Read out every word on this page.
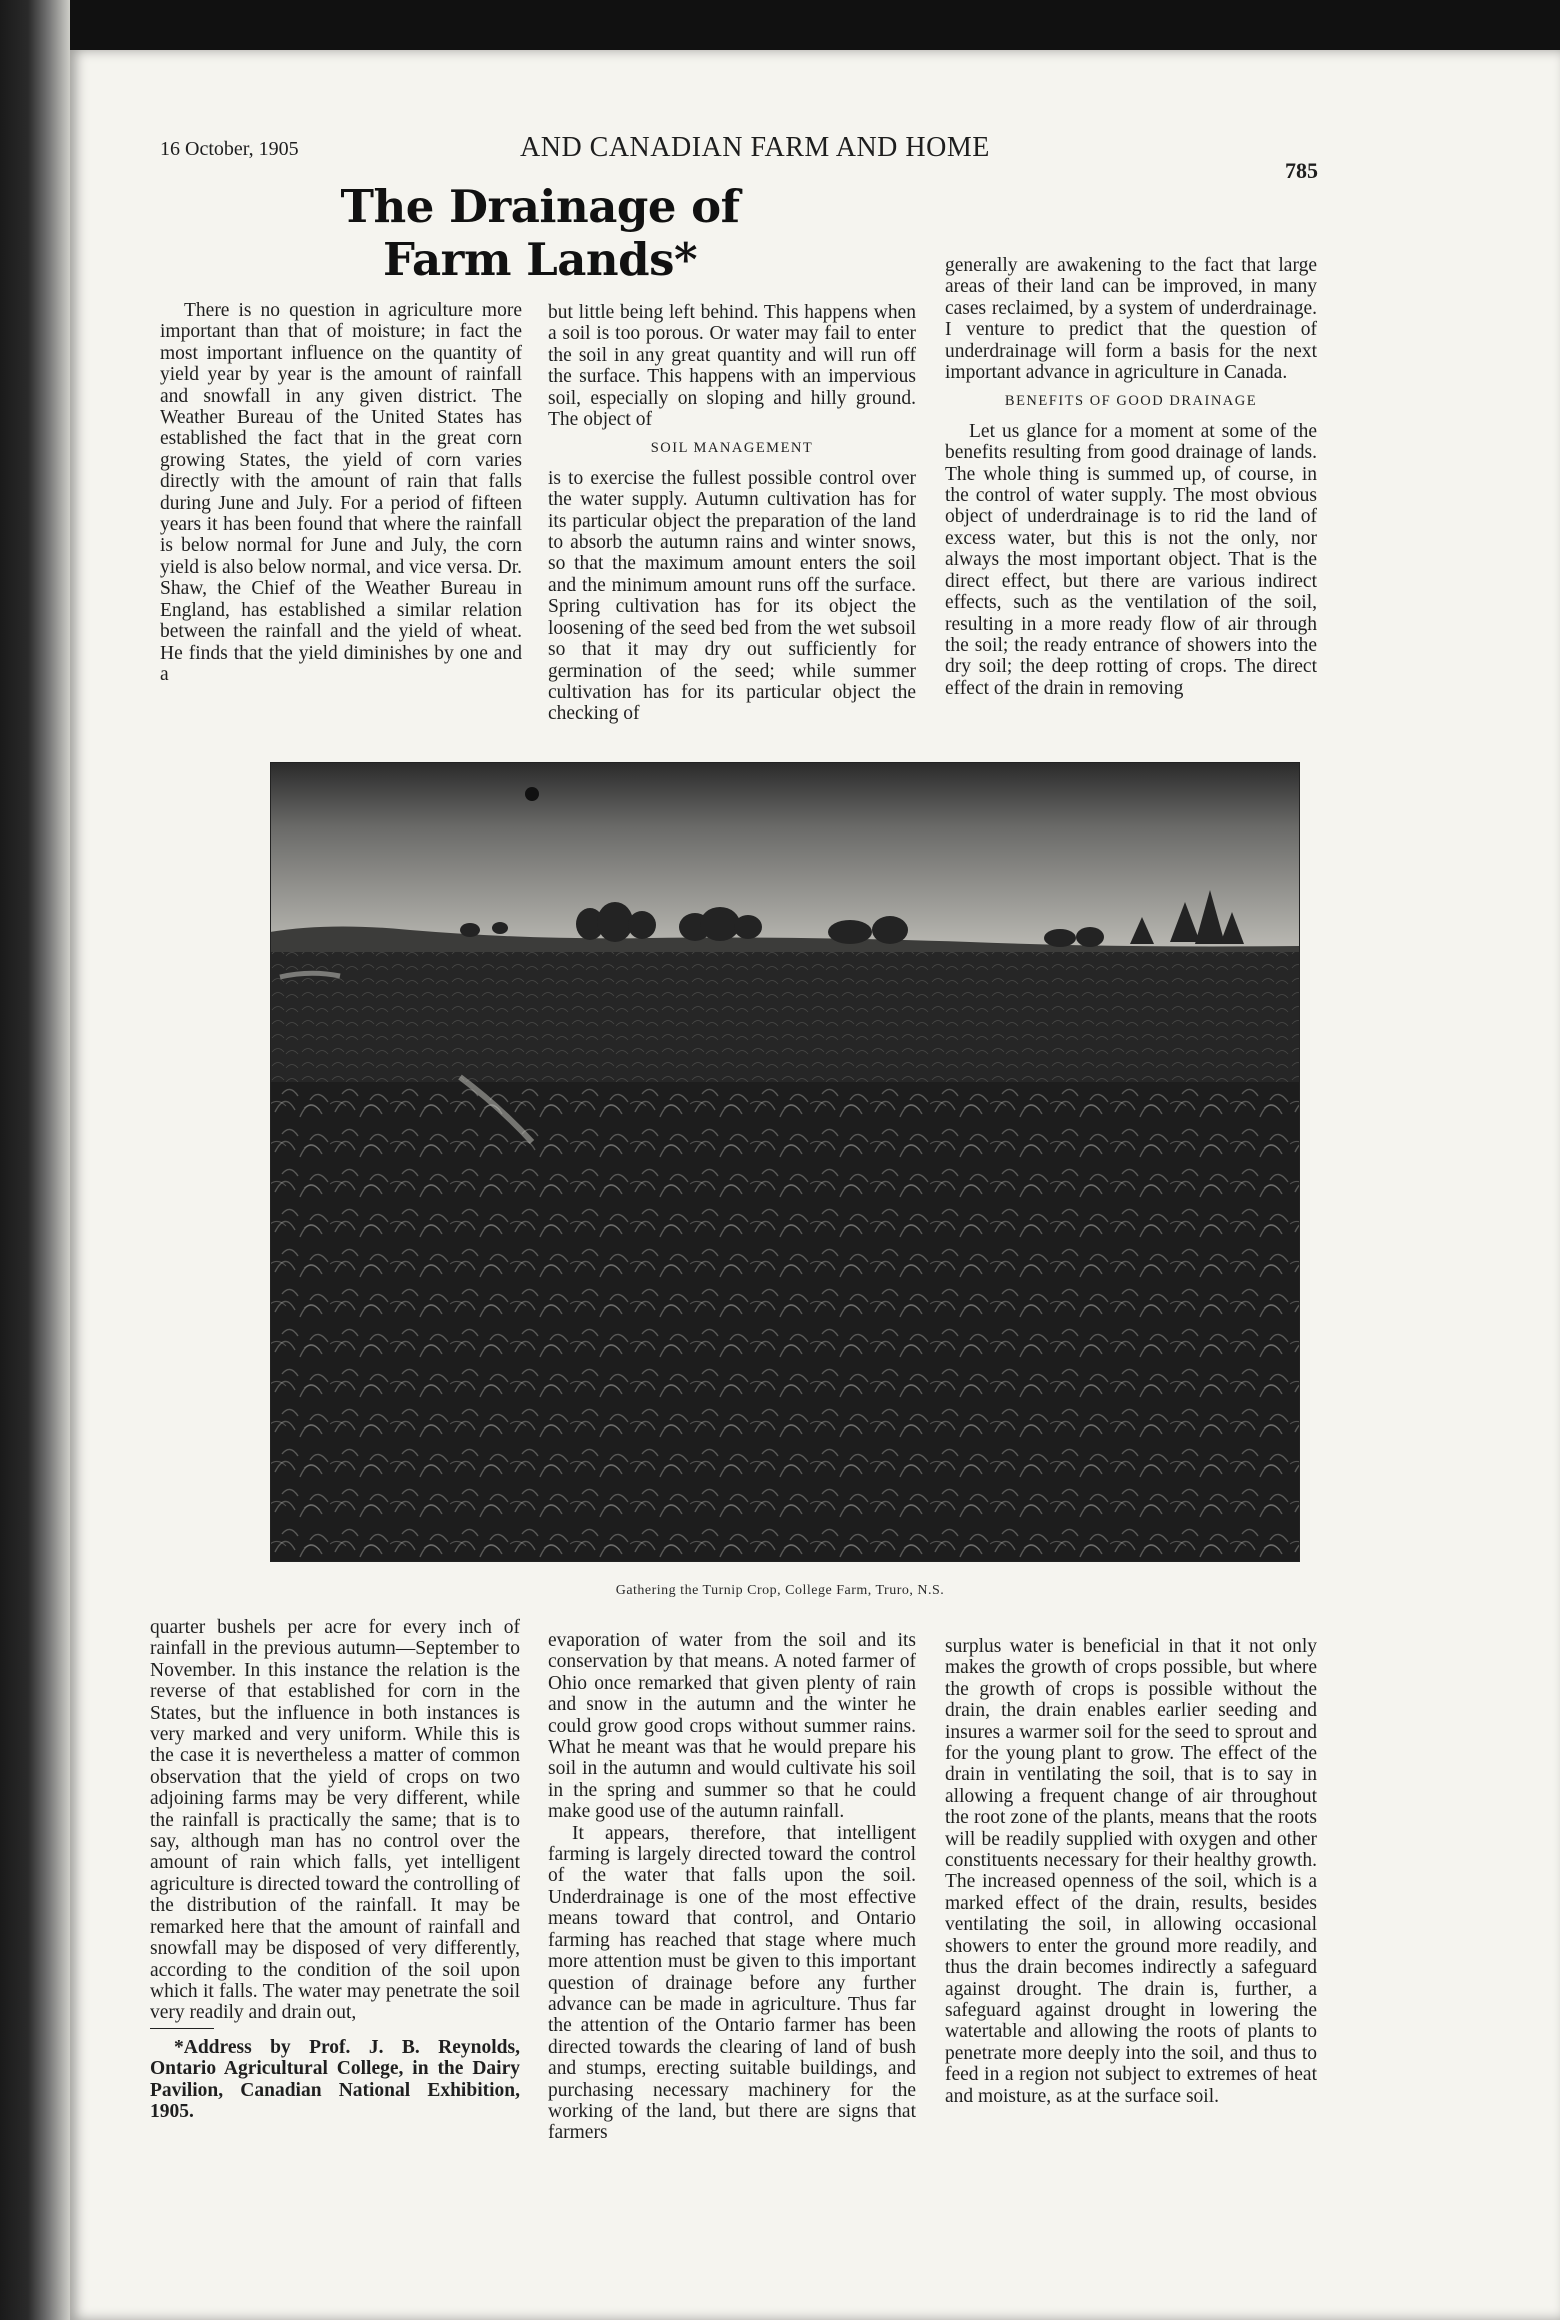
16 October, 1905	AND CANADIAN FARM AND HOME
785
The Drainage of Farm Lands*

There is no question in agriculture more important than that of moisture; in fact the most important influence on the quantity of yield year by year is the amount of rainfall and snowfall in any given district. The Weather Bureau of the United States has established the fact that in the great corn growing States, the yield of corn varies directly with the amount of rain that falls during June and July. For a period of fifteen years it has been found that where the rainfall is below normal for June and July, the corn yield is also below normal, and vice versa. Dr. Shaw, the Chief of the Weather Bureau in England, has established a similar relation between the rainfall and the yield of wheat. He finds that the yield diminishes by one and a

but little being left behind. This happens when a soil is too porous. Or water may fail to enter the soil in any great quantity and will run off the surface. This happens with an impervious soil, especially on sloping and hilly ground. The object of

SOIL MANAGEMENT

is to exercise the fullest possible control over the water supply. Autumn cultivation has for its particular object the preparation of the land to absorb the autumn rains and winter snows, so that the maximum amount enters the soil and the minimum amount runs off the surface. Spring cultivation has for its object the loosening of the seed bed from the wet subsoil so that it may dry out sufficiently for germination of the seed; while summer cultivation has for its particular object the checking of

generally are awakening to the fact that large areas of their land can be improved, in many cases reclaimed, by a system of underdrainage. I venture to predict that the question of underdrainage will form a basis for the next important advance in agriculture in Canada.

BENEFITS OF GOOD DRAINAGE

Let us glance for a moment at some of the benefits resulting from good drainage of lands. The whole thing is summed up, of course, in the control of water supply. The most obvious object of underdrainage is to rid the land of excess water, but this is not the only, nor always the most important object. That is the direct effect, but there are various indirect effects, such as the ventilation of the soil, resulting in a more ready flow of air through the soil; the ready entrance of showers into the dry soil; the deep rotting of crops. The direct effect of the drain in removing

Gathering the Turnip Crop, College Farm, Truro, N.S.

quarter bushels per acre for every inch of rainfall in the previous autumn—September to November. In this instance the relation is the reverse of that established for corn in the States, but the influence in both instances is very marked and very uniform. While this is the case it is nevertheless a matter of common observation that the yield of crops on two adjoining farms may be very different, while the rainfall is practically the same; that is to say, although man has no control over the amount of rain which falls, yet intelligent agriculture is directed toward the controlling of the distribution of the rainfall. It may be remarked here that the amount of rainfall and snowfall may be disposed of very differently, according to the condition of the soil upon which it falls. The water may penetrate the soil very readily and drain out,

*Address by Prof. J. B. Reynolds, Ontario Agricultural College, in the Dairy Pavilion, Canadian National Exhibition, 1905.

evaporation of water from the soil and its conservation by that means. A noted farmer of Ohio once remarked that given plenty of rain and snow in the autumn and the winter he could grow good crops without summer rains. What he meant was that he would prepare his soil in the autumn and would cultivate his soil in the spring and summer so that he could make good use of the autumn rainfall.

It appears, therefore, that intelligent farming is largely directed toward the control of the water that falls upon the soil. Underdrainage is one of the most effective means toward that control, and Ontario farming has reached that stage where much more attention must be given to this important question of drainage before any further advance can be made in agriculture. Thus far the attention of the Ontario farmer has been directed towards the clearing of land of bush and stumps, erecting suitable buildings, and purchasing necessary machinery for the working of the land, but there are signs that farmers

surplus water is beneficial in that it not only makes the growth of crops possible, but where the growth of crops is possible without the drain, the drain enables earlier seeding and insures a warmer soil for the seed to sprout and for the young plant to grow. The effect of the drain in ventilating the soil, that is to say in allowing a frequent change of air throughout the root zone of the plants, means that the roots will be readily supplied with oxygen and other constituents necessary for their healthy growth. The increased openness of the soil, which is a marked effect of the drain, results, besides ventilating the soil, in allowing occasional showers to enter the ground more readily, and thus the drain becomes indirectly a safeguard against drought. The drain is, further, a safeguard against drought in lowering the watertable and allowing the roots of plants to penetrate more deeply into the soil, and thus to feed in a region not subject to extremes of heat and moisture, as at the surface soil.
